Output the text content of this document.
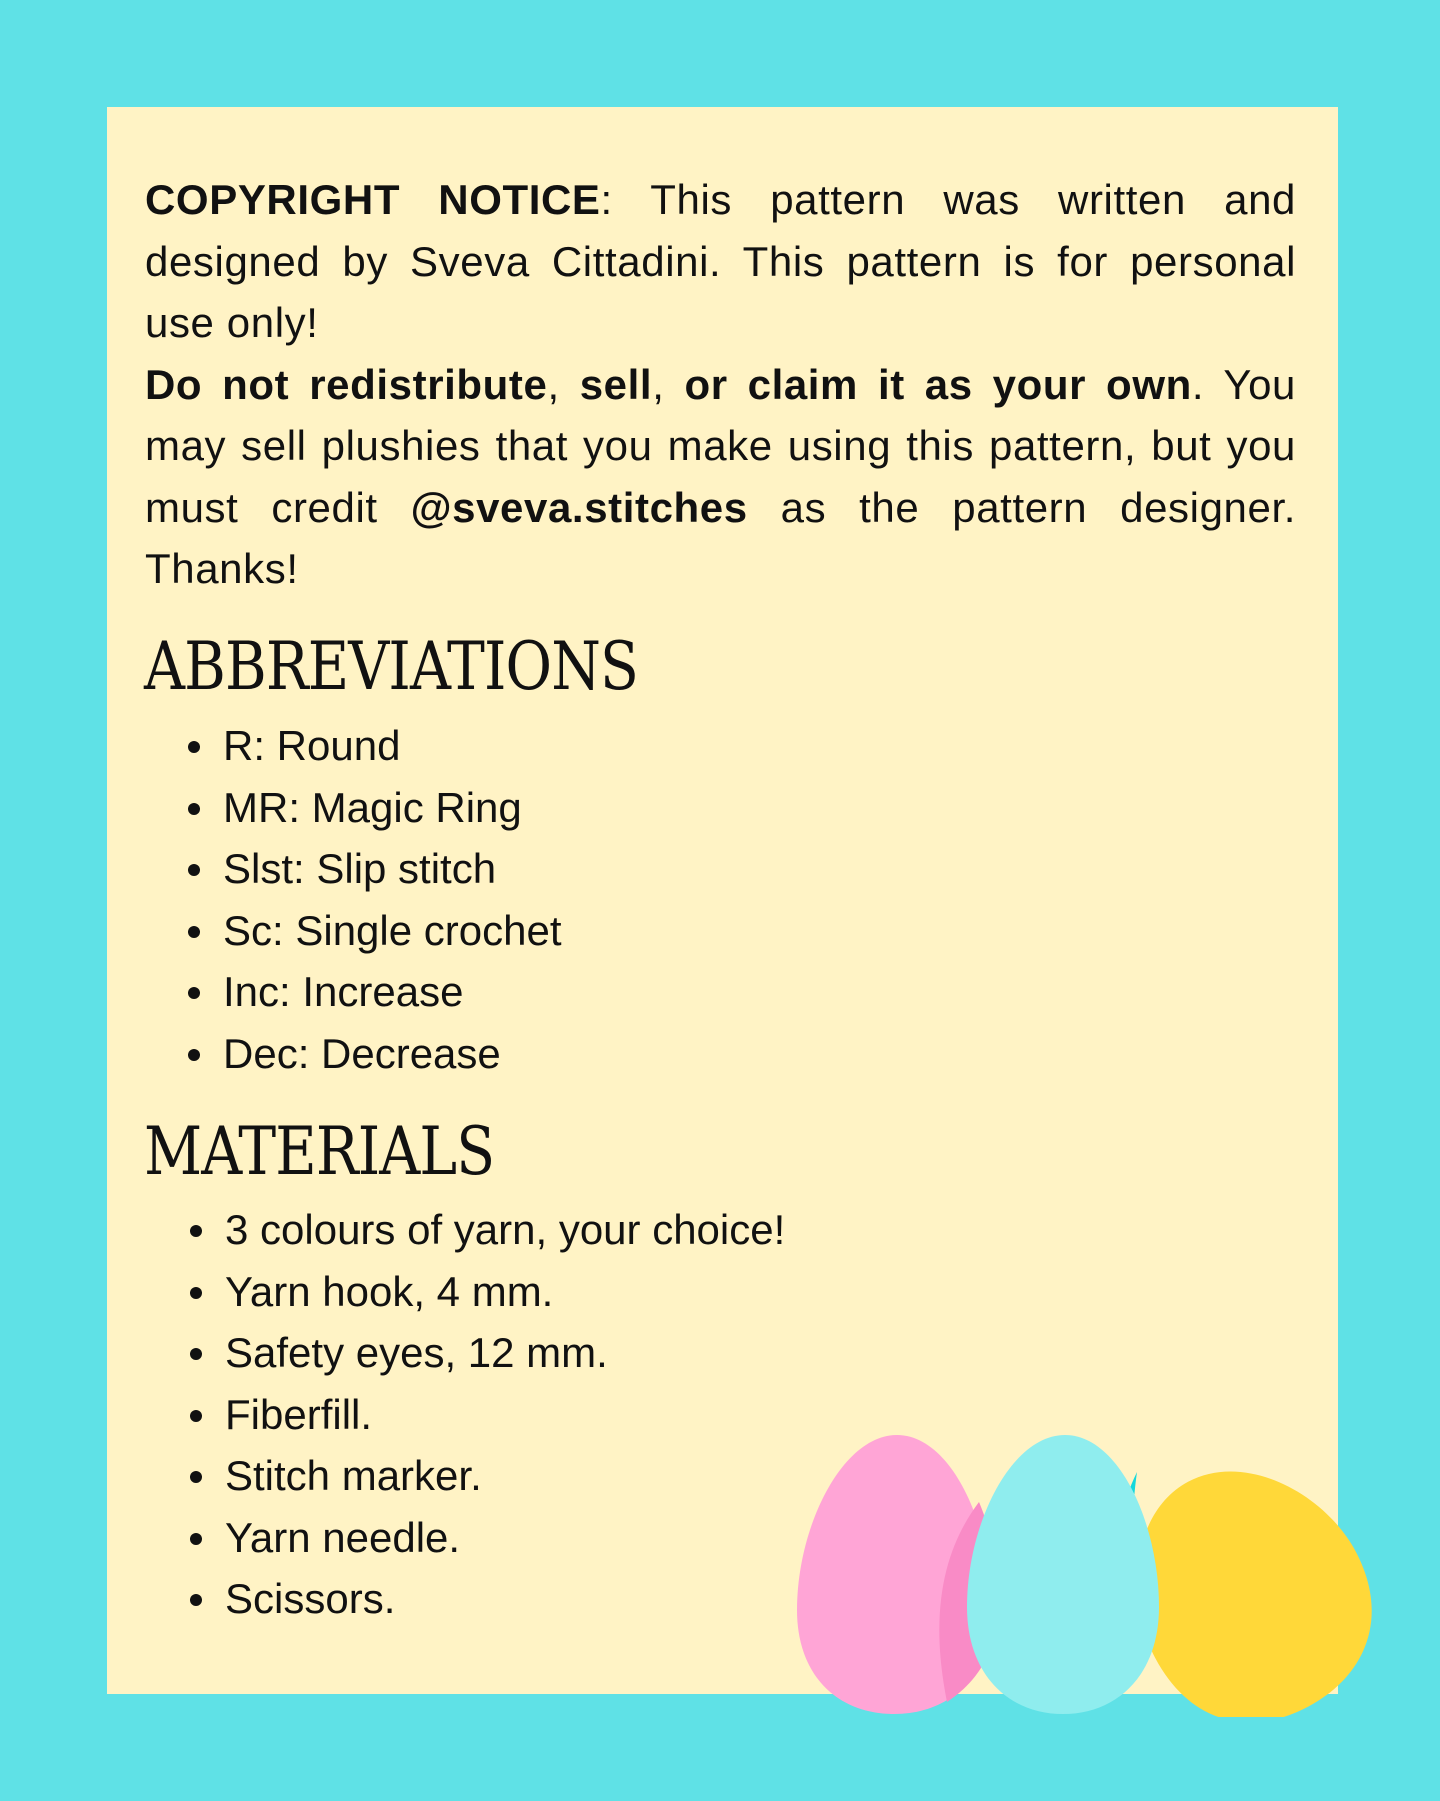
COPYRIGHT NOTICE: This pattern was written and designed by Sveva Cittadini. This pattern is for personal use only!

Do not redistribute, sell, or claim it as your own. You may sell plushies that you make using this pattern, but you must credit @sveva.stitches as the pattern designer. Thanks!

ABBREVIATIONS
R: Round
MR: Magic Ring
Slst: Slip stitch
Sc: Single crochet
Inc: Increase
Dec: Decrease
MATERIALS
3 colours of yarn, your choice!
Yarn hook, 4 mm.
Safety eyes, 12 mm.
Fiberfill.
Stitch marker.
Yarn needle.
Scissors.
